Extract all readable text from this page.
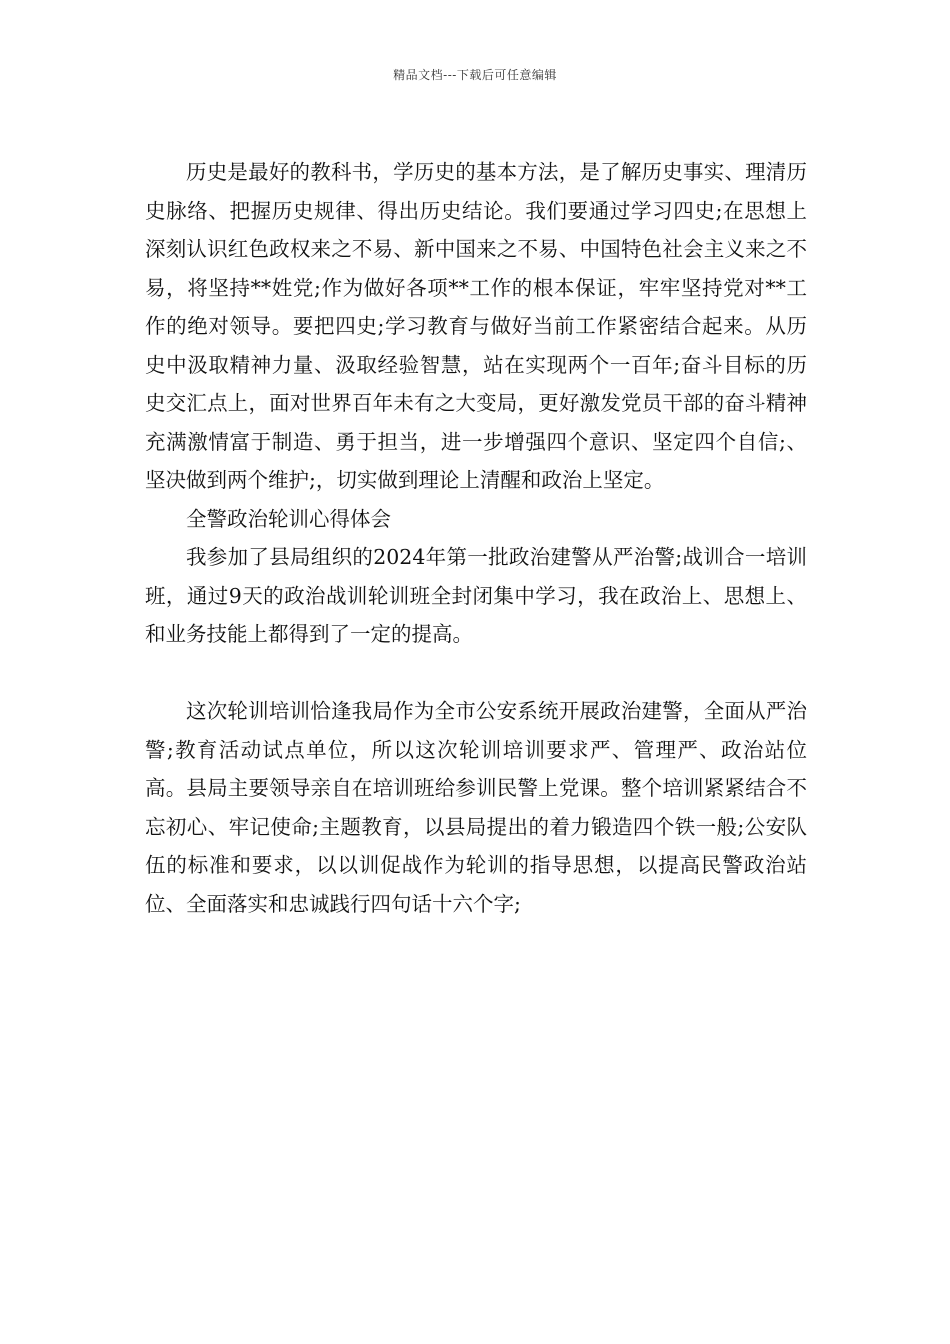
精品文档---下载后可任意编辑

历史是最好的教科书，学历史的基本方法，是了解历史事实、理清历史脉络、把握历史规律、得出历史结论。我们要通过学习四史;在思想上深刻认识红色政权来之不易、新中国来之不易、中国特色社会主义来之不易，将坚持**姓党;作为做好各项**工作的根本保证，牢牢坚持党对**工作的绝对领导。要把四史;学习教育与做好当前工作紧密结合起来。从历史中汲取精神力量、汲取经验智慧，站在实现两个一百年;奋斗目标的历史交汇点上，面对世界百年未有之大变局，更好激发党员干部的奋斗精神充满激情富于制造、勇于担当，进一步增强四个意识、坚定四个自信;、坚决做到两个维护;，切实做到理论上清醒和政治上坚定。

全警政治轮训心得体会

我参加了县局组织的2024年第一批政治建警从严治警;战训合一培训班，通过9天的政治战训轮训班全封闭集中学习，我在政治上、思想上、和业务技能上都得到了一定的提高。

这次轮训培训恰逢我局作为全市公安系统开展政治建警，全面从严治警;教育活动试点单位，所以这次轮训培训要求严、管理严、政治站位高。县局主要领导亲自在培训班给参训民警上党课。整个培训紧紧结合不忘初心、牢记使命;主题教育，以县局提出的着力锻造四个铁一般;公安队伍的标准和要求，以以训促战作为轮训的指导思想，以提高民警政治站位、全面落实和忠诚践行四句话十六个字;
